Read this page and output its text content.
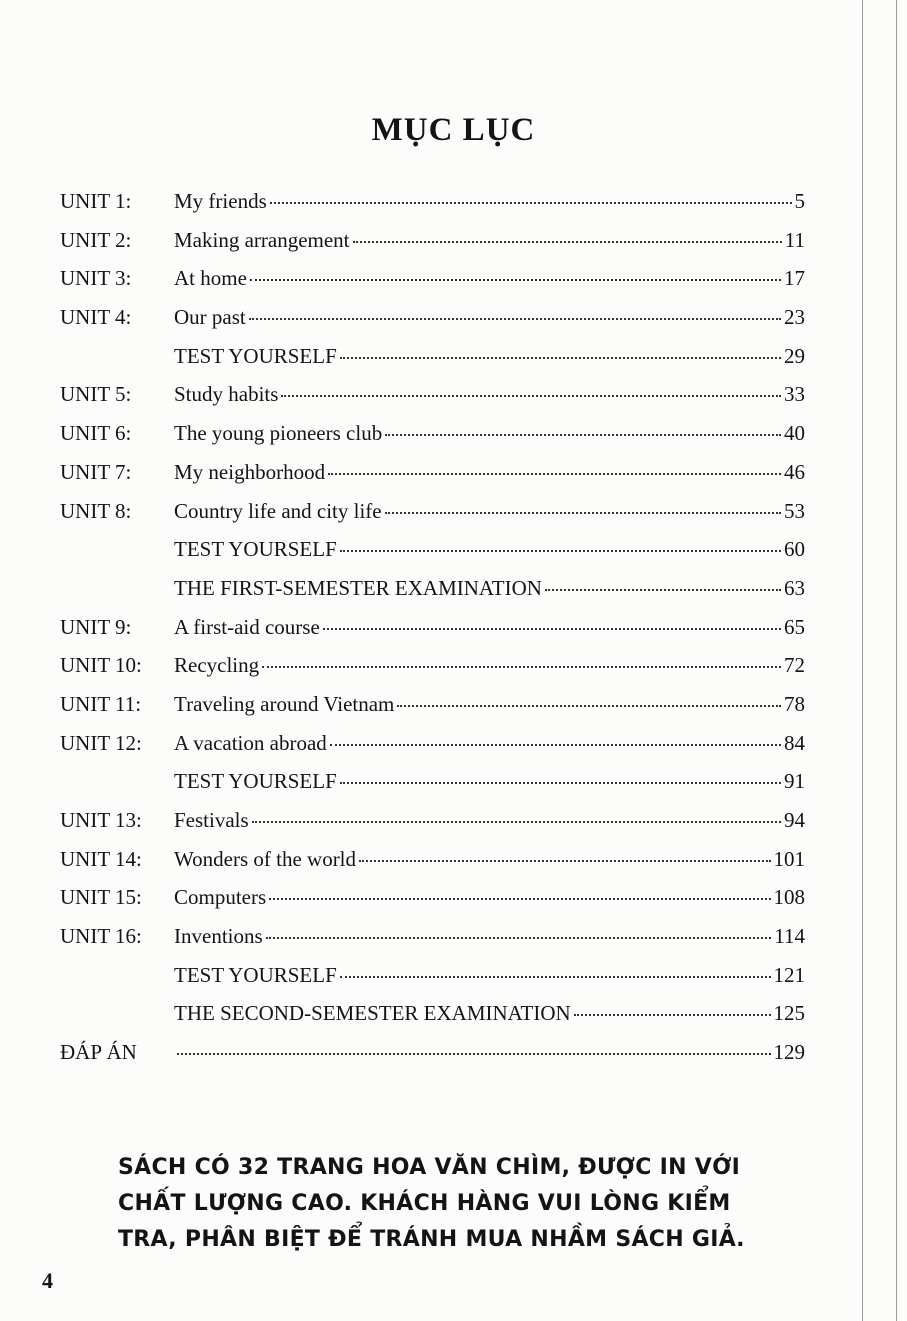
MỤC LỤC
UNIT 1:	My friends	5
UNIT 2:	Making arrangement	11
UNIT 3:	At home	17
UNIT 4:	Our past	23
TEST YOURSELF	29
UNIT 5:	Study habits	33
UNIT 6:	The young pioneers club	40
UNIT 7:	My neighborhood	46
UNIT 8:	Country life and city life	53
TEST YOURSELF	60
THE FIRST-SEMESTER EXAMINATION	63
UNIT 9:	A first-aid course	65
UNIT 10:	Recycling	72
UNIT 11:	Traveling around Vietnam	78
UNIT 12:	A vacation abroad	84
TEST YOURSELF	91
UNIT 13:	Festivals	94
UNIT 14:	Wonders of the world	101
UNIT 15:	Computers	108
UNIT 16:	Inventions	114
TEST YOURSELF	121
THE SECOND-SEMESTER EXAMINATION	125
ĐÁP ÁN	129
SÁCH CÓ 32 TRANG HOA VĂN CHÌM, ĐƯỢC IN VỚI
CHẤT LƯỢNG CAO. KHÁCH HÀNG VUI LÒNG KIỂM
TRA, PHÂN BIỆT ĐỂ TRÁNH MUA NHẦM SÁCH GIẢ.
4
